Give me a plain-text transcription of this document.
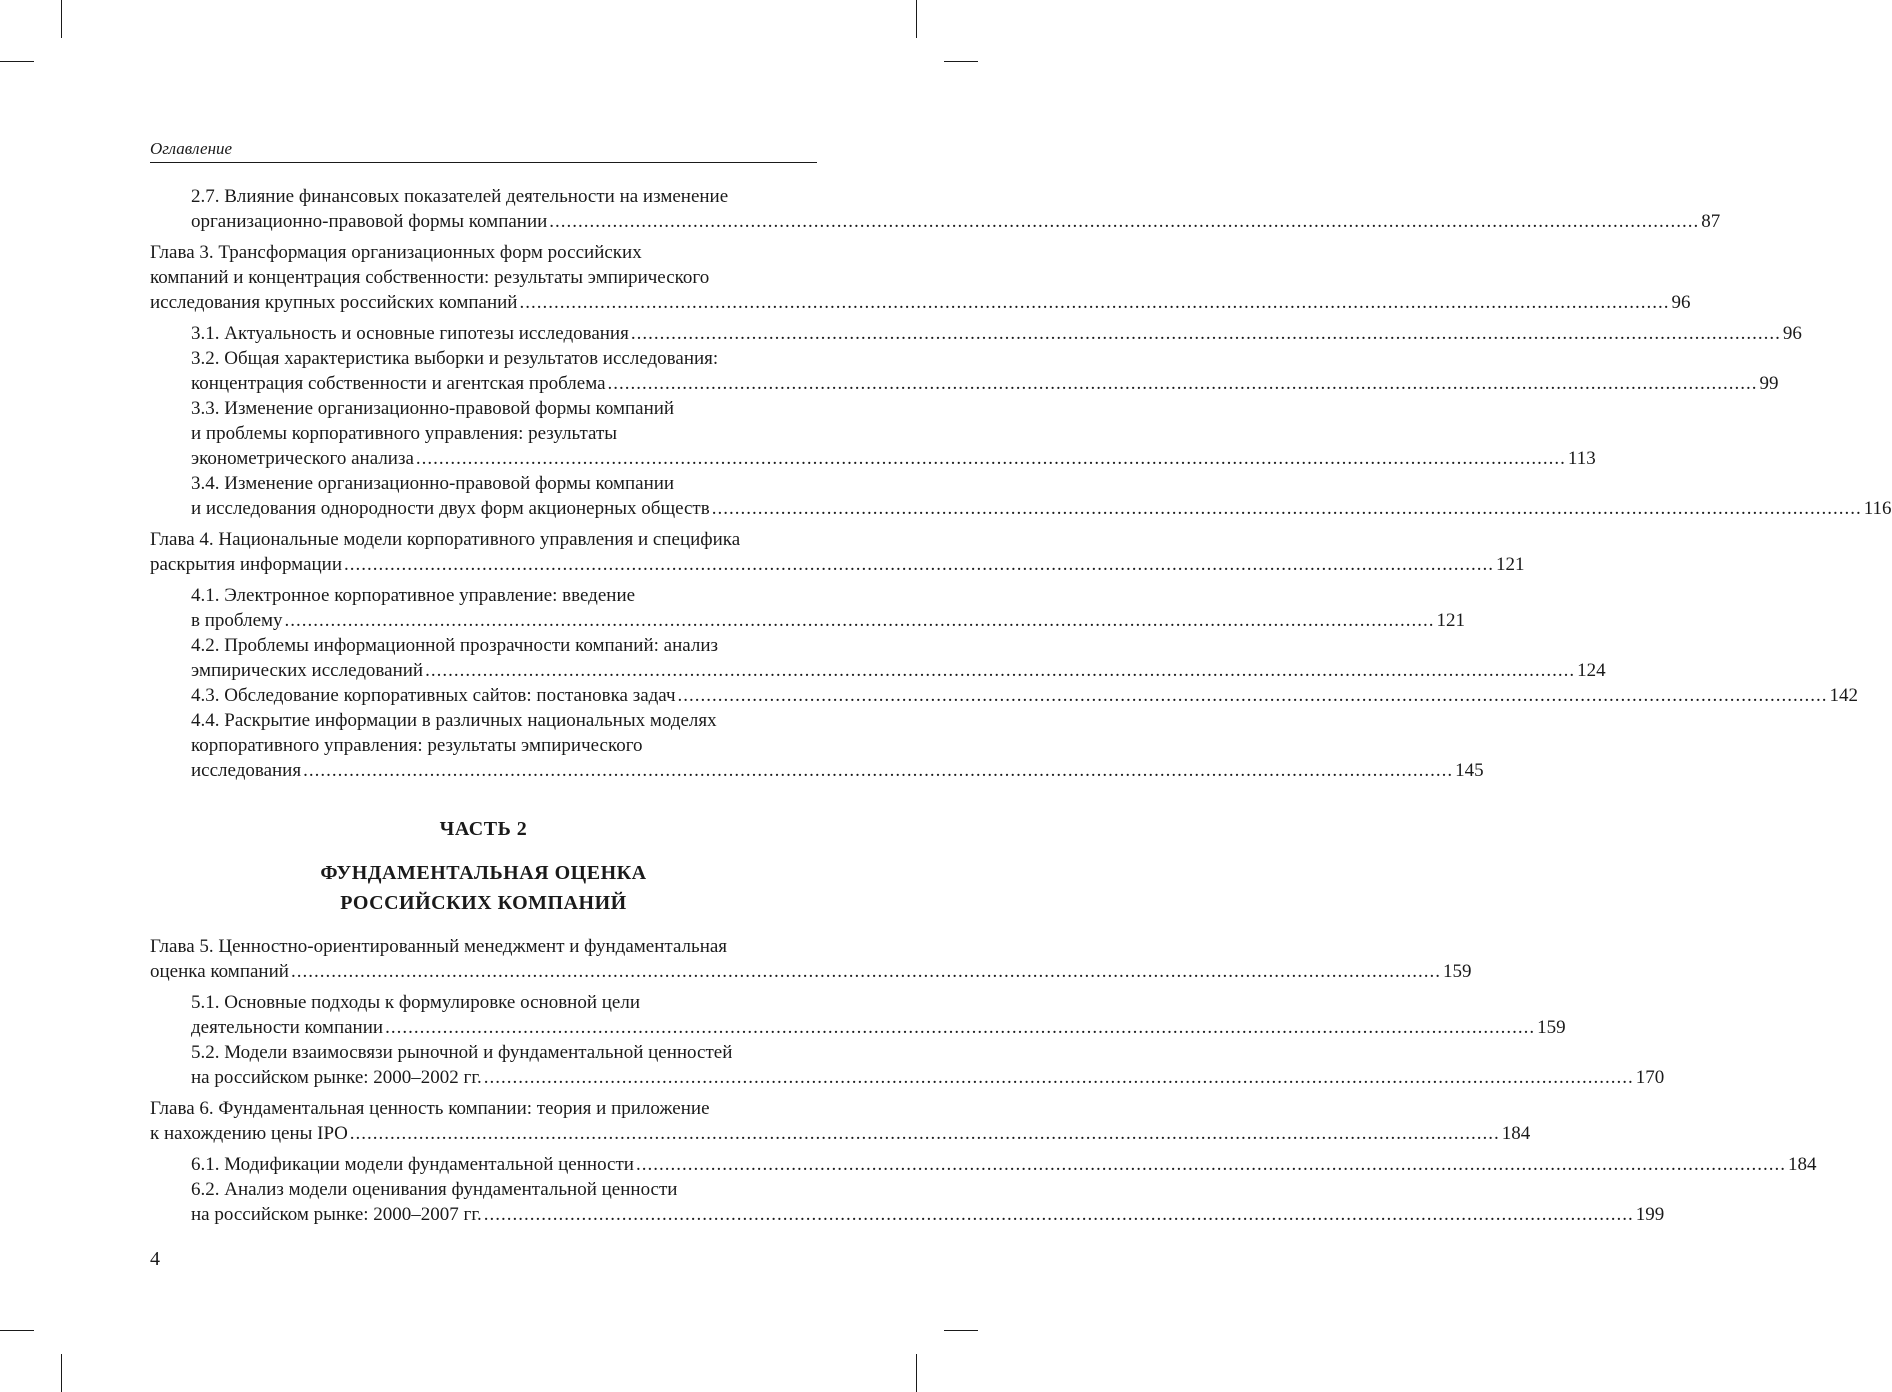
Оглавление
2.7. Влияние финансовых показателей деятельности на изменение
организационно-правовой формы компании ........................................................................................................................................................................................................ 87
Глава 3. Трансформация организационных форм российских
компаний и концентрация собственности: результаты эмпирического
исследования крупных российских компаний ........................................................................................................................................................................................................ 96
3.1. Актуальность и основные гипотезы исследования ........................................................................................................................................................................................................ 96
3.2. Общая характеристика выборки и результатов исследования:
концентрация собственности и агентская проблема ........................................................................................................................................................................................................ 99
3.3. Изменение организационно-правовой формы компаний
и проблемы корпоративного управления: результаты
эконометрического анализа ........................................................................................................................................................................................................ 113
3.4. Изменение организационно-правовой формы компании
и исследования однородности двух форм акционерных обществ ........................................................................................................................................................................................................ 116
Глава 4. Национальные модели корпоративного управления и специфика
раскрытия информации ........................................................................................................................................................................................................ 121
4.1. Электронное корпоративное управление: введение
в проблему ........................................................................................................................................................................................................ 121
4.2. Проблемы информационной прозрачности компаний: анализ
эмпирических исследований ........................................................................................................................................................................................................ 124
4.3. Обследование корпоративных сайтов: постановка задач ........................................................................................................................................................................................................ 142
4.4. Раскрытие информации в различных национальных моделях
корпоративного управления: результаты эмпирического
исследования ........................................................................................................................................................................................................ 145
ЧАСТЬ 2
ФУНДАМЕНТАЛЬНАЯ ОЦЕНКА
РОССИЙСКИХ КОМПАНИЙ
Глава 5. Ценностно-ориентированный менеджмент и фундаментальная
оценка компаний ........................................................................................................................................................................................................ 159
5.1. Основные подходы к формулировке основной цели
деятельности компании ........................................................................................................................................................................................................ 159
5.2. Модели взаимосвязи рыночной и фундаментальной ценностей
на российском рынке: 2000–2002 гг. ........................................................................................................................................................................................................ 170
Глава 6. Фундаментальная ценность компании: теория и приложение
к нахождению цены IPO ........................................................................................................................................................................................................ 184
6.1. Модификации модели фундаментальной ценности ........................................................................................................................................................................................................ 184
6.2. Анализ модели оценивания фундаментальной ценности
на российском рынке: 2000–2007 гг. ........................................................................................................................................................................................................ 199
4
